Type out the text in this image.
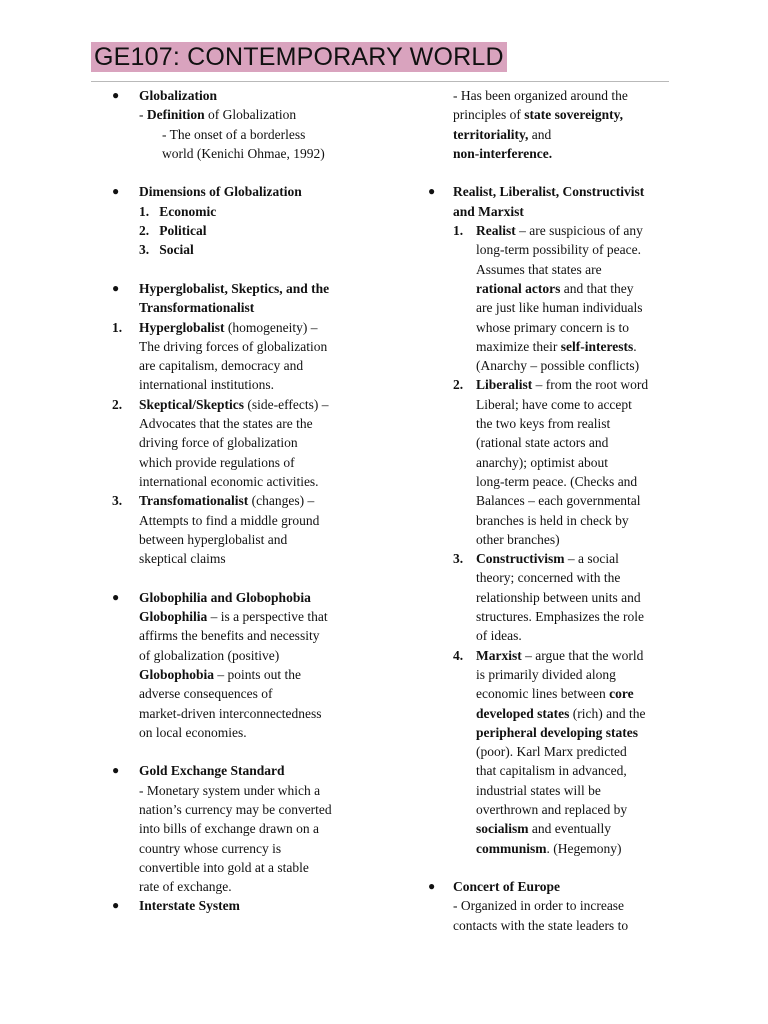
GE107: CONTEMPORARY WORLD
● Globalization
- Definition of Globalization
- The onset of a borderless
world (Kenichi Ohmae, 1992)
● Dimensions of Globalization
1. Economic
2. Political
3. Social
● Hyperglobalist, Skeptics, and the
Transformationalist
1. Hyperglobalist (homogeneity) –
The driving forces of globalization
are capitalism, democracy and
international institutions.
2. Skeptical/Skeptics (side-effects) –
Advocates that the states are the
driving force of globalization
which provide regulations of
international economic activities.
3. Transfomationalist (changes) –
Attempts to find a middle ground
between hyperglobalist and
skeptical claims
● Globophilia and Globophobia
Globophilia – is a perspective that
affirms the benefits and necessity
of globalization (positive)
Globophobia – points out the
adverse consequences of
market-driven interconnectedness
on local economies.
● Gold Exchange Standard
- Monetary system under which a
nation’s currency may be converted
into bills of exchange drawn on a
country whose currency is
convertible into gold at a stable
rate of exchange.
● Interstate System
- Has been organized around the
principles of state sovereignty,
territoriality, and
non-interference.
● Realist, Liberalist, Constructivist
and Marxist
1. Realist – are suspicious of any
long-term possibility of peace.
Assumes that states are
rational actors and that they
are just like human individuals
whose primary concern is to
maximize their self-interests.
(Anarchy – possible conflicts)
2. Liberalist – from the root word
Liberal; have come to accept
the two keys from realist
(rational state actors and
anarchy); optimist about
long-term peace. (Checks and
Balances – each governmental
branches is held in check by
other branches)
3. Constructivism – a social
theory; concerned with the
relationship between units and
structures. Emphasizes the role
of ideas.
4. Marxist – argue that the world
is primarily divided along
economic lines between core
developed states (rich) and the
peripheral developing states
(poor). Karl Marx predicted
that capitalism in advanced,
industrial states will be
overthrown and replaced by
socialism and eventually
communism. (Hegemony)
● Concert of Europe
- Organized in order to increase
contacts with the state leaders to
